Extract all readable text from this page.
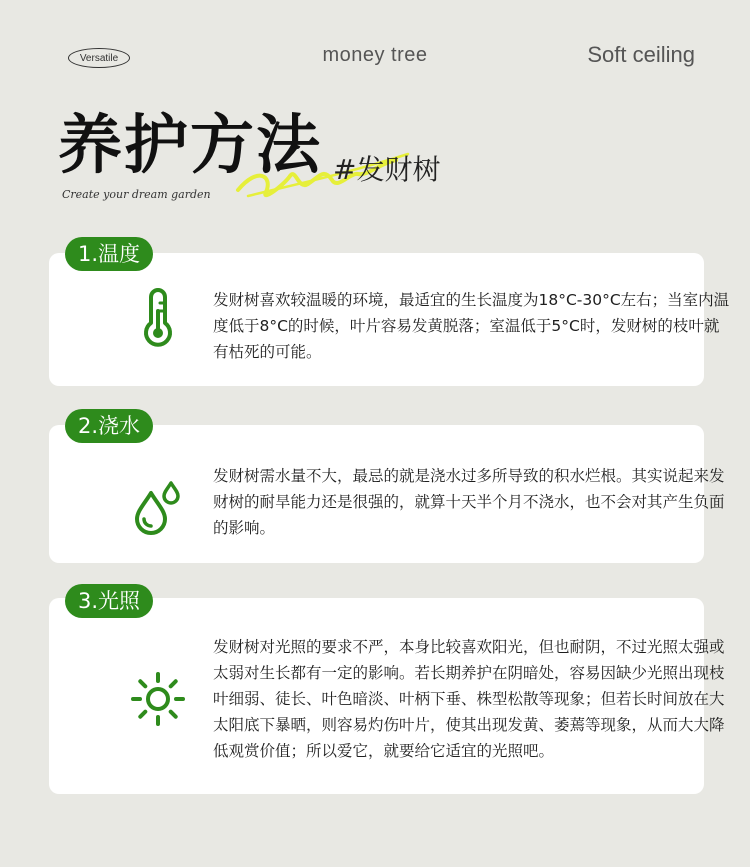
Versatile	money tree	Soft ceiling
养护方法 #发财树
Create your dream garden
1.温度
发财树喜欢较温暖的环境，最适宜的生长温度为18°C-30°C左右；当室内温度低于8°C的时候，叶片容易发黄脱落；室温低于5°C时，发财树的枝叶就有枯死的可能。
2.浇水
发财树需水量不大，最忌的就是浇水过多所导致的积水烂根。其实说起来发财树的耐旱能力还是很强的，就算十天半个月不浇水，也不会对其产生负面的影响。
3.光照
发财树对光照的要求不严，本身比较喜欢阳光，但也耐阴，不过光照太强或太弱对生长都有一定的影响。若长期养护在阴暗处，容易因缺少光照出现枝叶细弱、徒长、叶色暗淡、叶柄下垂、株型松散等现象；但若长时间放在大太阳底下暴晒，则容易灼伤叶片，使其出现发黄、萎蔫等现象，从而大大降低观赏价值；所以爱它，就要给它适宜的光照吧。
